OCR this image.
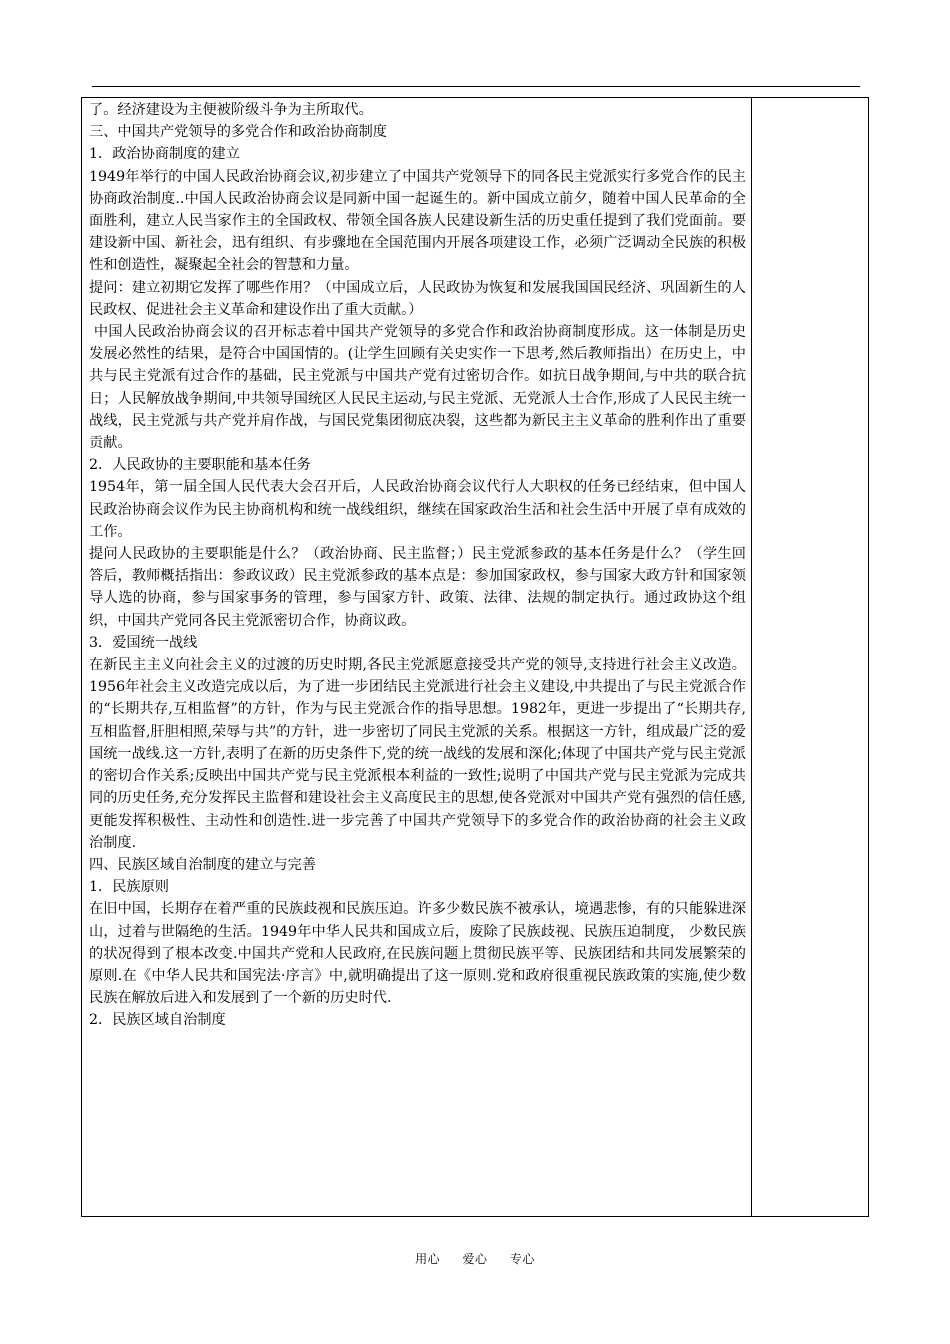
了。经济建设为主便被阶级斗争为主所取代。

三、中国共产党领导的多党合作和政治协商制度

1．政治协商制度的建立

1949年举行的中国人民政治协商会议,初步建立了中国共产党领导下的同各民主党派实行多党合作的民主协商政治制度..中国人民政治协商会议是同新中国一起诞生的。新中国成立前夕，随着中国人民革命的全面胜利，建立人民当家作主的全国政权、带领全国各族人民建设新生活的历史重任提到了我们党面前。要建设新中国、新社会，迅有组织、有步骤地在全国范围内开展各项建设工作，必须广泛调动全民族的积极性和创造性，凝聚起全社会的智慧和力量。

提问：建立初期它发挥了哪些作用？（中国成立后，人民政协为恢复和发展我国国民经济、巩固新生的人民政权、促进社会主义革命和建设作出了重大贡献。）

中国人民政治协商会议的召开标志着中国共产党领导的多党合作和政治协商制度形成。这一体制是历史发展必然性的结果，是符合中国国情的。(让学生回顾有关史实作一下思考,然后教师指出）在历史上，中共与民主党派有过合作的基础，民主党派与中国共产党有过密切合作。如抗日战争期间,与中共的联合抗日；人民解放战争期间,中共领导国统区人民民主运动,与民主党派、无党派人士合作,形成了人民民主统一战线，民主党派与共产党并肩作战，与国民党集团彻底决裂，这些都为新民主主义革命的胜利作出了重要贡献。

2．人民政协的主要职能和基本任务

1954年，第一届全国人民代表大会召开后，人民政治协商会议代行人大职权的任务已经结束，但中国人民政治协商会议作为民主协商机构和统一战线组织，继续在国家政治生活和社会生活中开展了卓有成效的工作。

提问人民政协的主要职能是什么？（政治协商、民主监督；）民主党派参政的基本任务是什么？（学生回答后，教师概括指出：参政议政）民主党派参政的基本点是：参加国家政权，参与国家大政方针和国家领导人选的协商，参与国家事务的管理，参与国家方针、政策、法律、法规的制定执行。通过政协这个组织，中国共产党同各民主党派密切合作，协商议政。

3．爱国统一战线

在新民主主义向社会主义的过渡的历史时期,各民主党派愿意接受共产党的领导,支持进行社会主义改造。1956年社会主义改造完成以后，为了进一步团结民主党派进行社会主义建设,中共提出了与民主党派合作的“长期共存,互相监督”的方针，作为与民主党派合作的指导思想。1982年，更进一步提出了“长期共存,互相监督,肝胆相照,荣辱与共”的方针，进一步密切了同民主党派的关系。根据这一方针，组成最广泛的爱国统一战线.这一方针,表明了在新的历史条件下,党的统一战线的发展和深化;体现了中国共产党与民主党派的密切合作关系;反映出中国共产党与民主党派根本利益的一致性;说明了中国共产党与民主党派为完成共同的历史任务,充分发挥民主监督和建设社会主义高度民主的思想,使各党派对中国共产党有强烈的信任感,更能发挥积极性、主动性和创造性.进一步完善了中国共产党领导下的多党合作的政治协商的社会主义政治制度.

四、民族区域自治制度的建立与完善

1．民族原则

在旧中国，长期存在着严重的民族歧视和民族压迫。许多少数民族不被承认，境遇悲惨，有的只能躲进深山，过着与世隔绝的生活。1949年中华人民共和国成立后，废除了民族歧视、民族压迫制度， 少数民族的状况得到了根本改变.中国共产党和人民政府,在民族问题上贯彻民族平等、民族团结和共同发展繁荣的原则.在《中华人民共和国宪法·序言》中,就明确提出了这一原则.党和政府很重视民族政策的实施,使少数民族在解放后进入和发展到了一个新的历史时代.

2．民族区域自治制度

用心 爱心 专心
